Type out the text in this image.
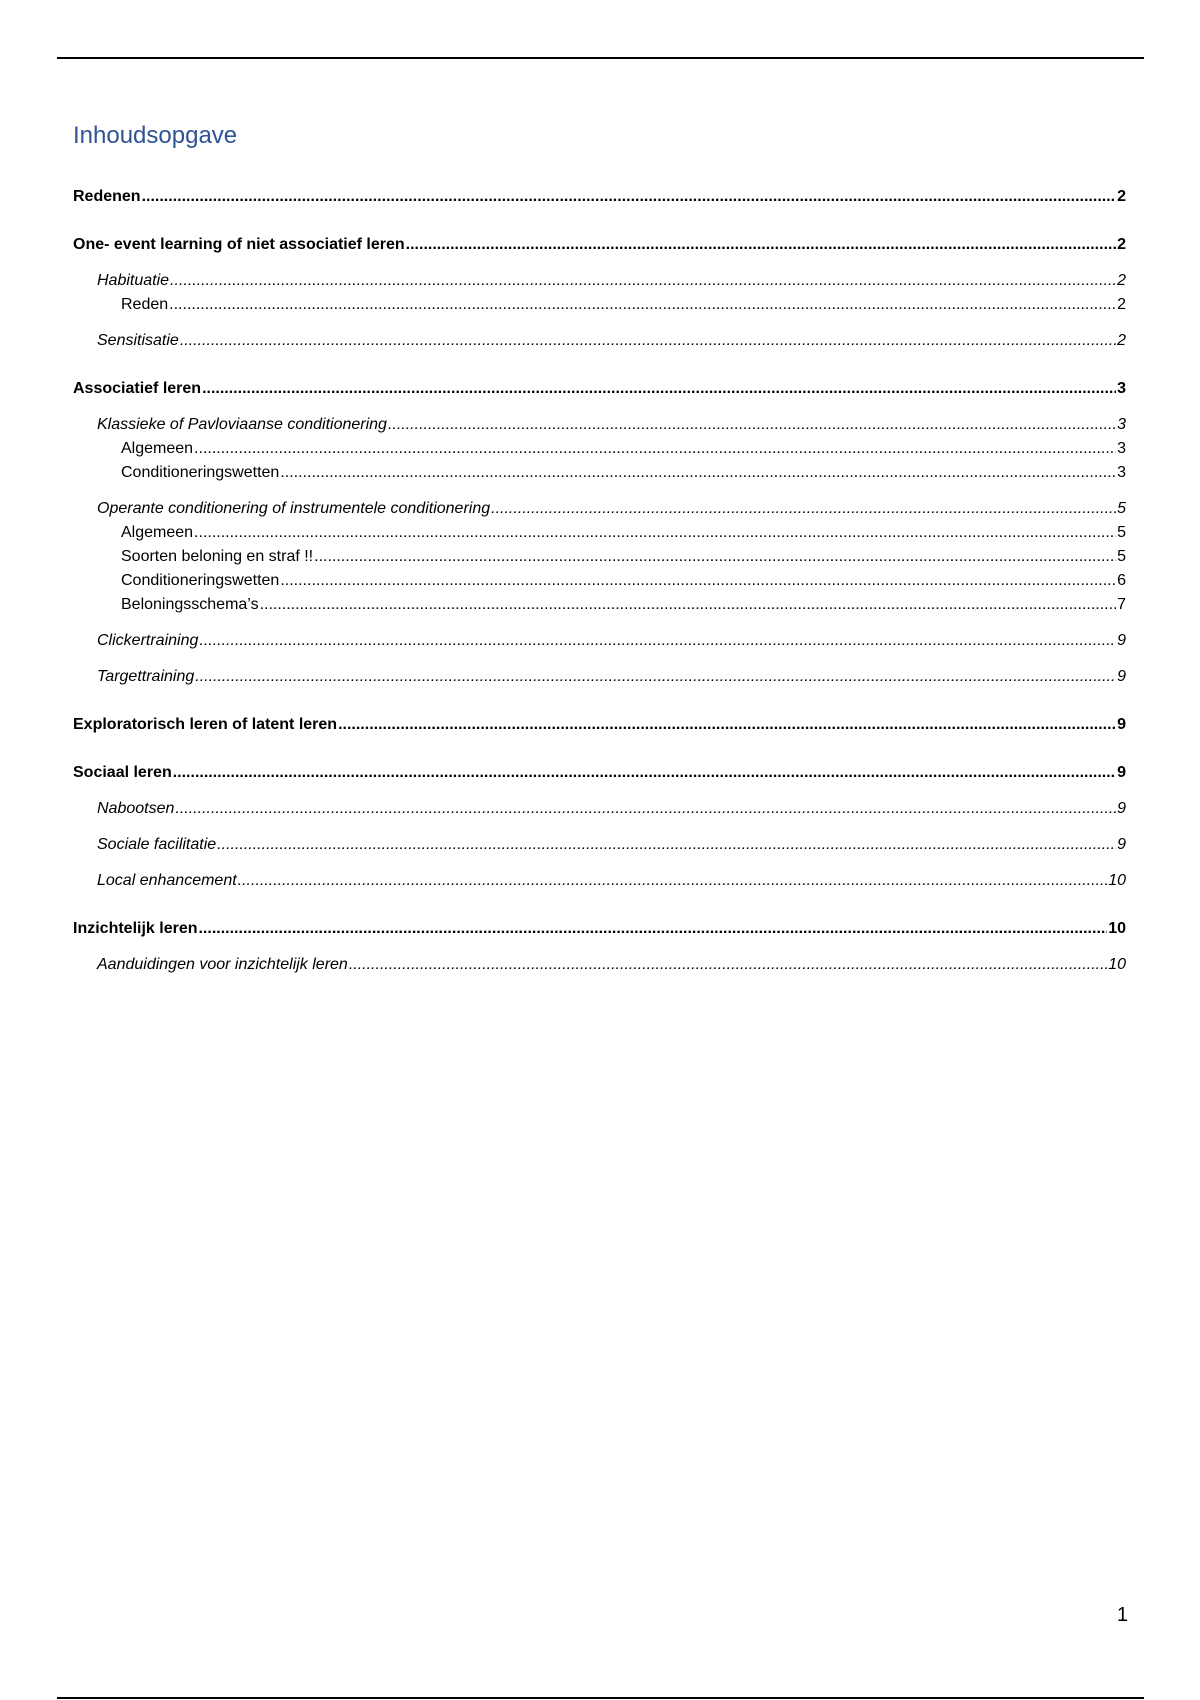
Inhoudsopgave
Redenen .....	2
One- event learning of niet associatief leren .....	2
Habituatie .....	2
Reden .....	2
Sensitisatie .....	2
Associatief leren .....	3
Klassieke of Pavloviaanse conditionering .....	3
Algemeen .....	3
Conditioneringswetten .....	3
Operante conditionering of instrumentele conditionering .....	5
Algemeen .....	5
Soorten beloning en straf !! .....	5
Conditioneringswetten .....	6
Beloningsschema’s .....	7
Clickertraining .....	9
Targettraining .....	9
Exploratorisch leren of latent leren .....	9
Sociaal leren .....	9
Nabootsen .....	9
Sociale facilitatie .....	9
Local enhancement .....	10
Inzichtelijk leren .....	10
Aanduidingen voor inzichtelijk leren .....	10
1
